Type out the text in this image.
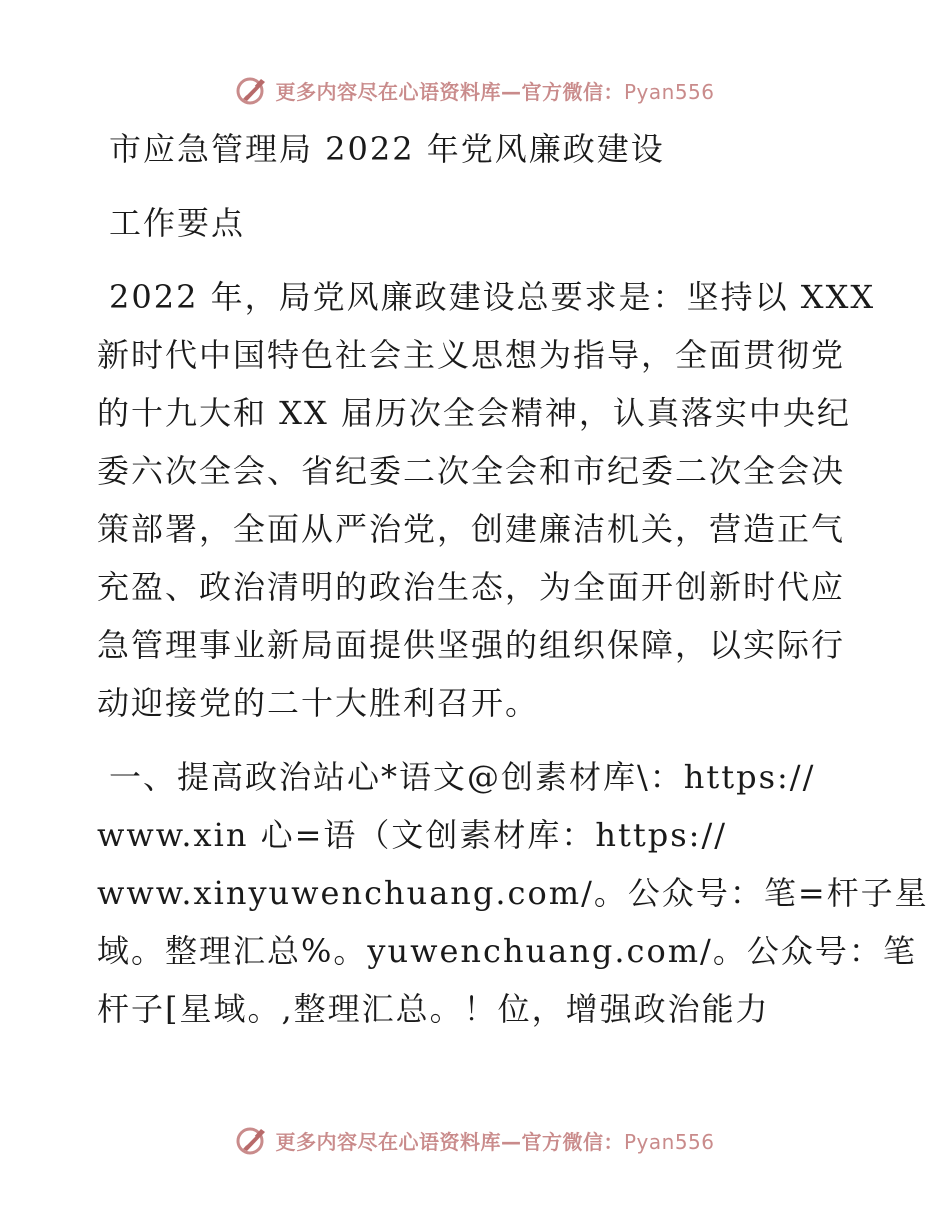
更多内容尽在心语资料库—官方微信：Pyan556
市应急管理局 2022 年党风廉政建设
工作要点
2022 年，局党风廉政建设总要求是：坚持以 XXX
新时代中国特色社会主义思想为指导，全面贯彻党
的十九大和 XX 届历次全会精神，认真落实中央纪
委六次全会、省纪委二次全会和市纪委二次全会决
策部署，全面从严治党，创建廉洁机关，营造正气
充盈、政治清明的政治生态，为全面开创新时代应
急管理事业新局面提供坚强的组织保障，以实际行
动迎接党的二十大胜利召开。
一、提高政治站心*语文@创素材库\：https://
www.xin 心=语（文创素材库：https://
www.xinyuwenchuang.com/。公众号：笔=杆子星
域。整理汇总%。yuwenchuang.com/。公众号：笔
杆子[星域。,整理汇总。！位，增强政治能力
更多内容尽在心语资料库—官方微信：Pyan556
